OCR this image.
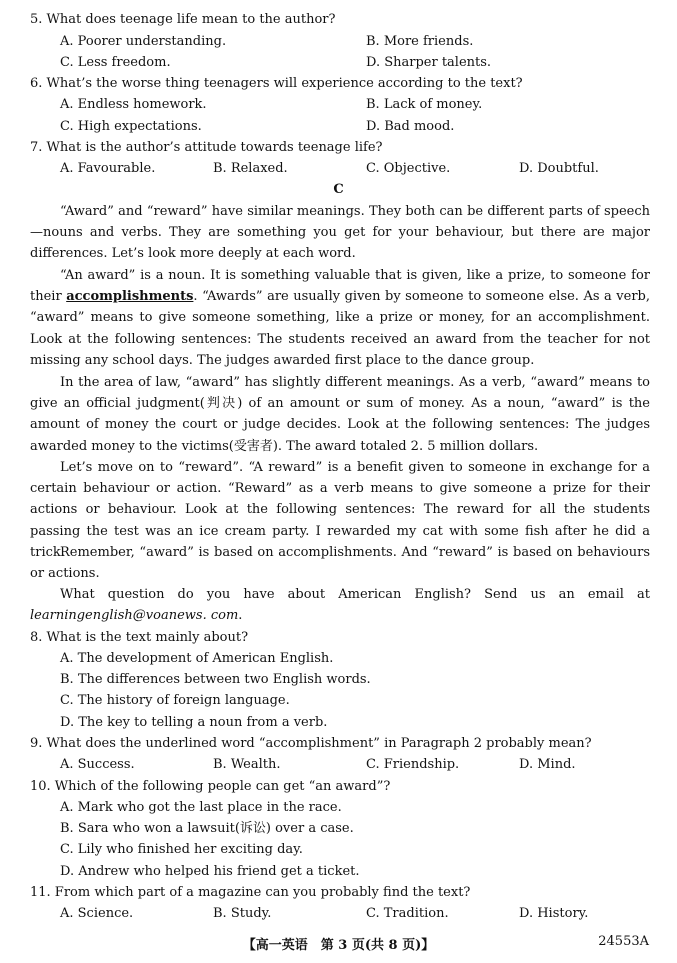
5. What does teenage life mean to the author?
A. Poorer understanding.	B. More friends.
C. Less freedom.	D. Sharper talents.
6. What’s the worse thing teenagers will experience according to the text?
A. Endless homework.	B. Lack of money.
C. High expectations.	D. Bad mood.
7. What is the author’s attitude towards teenage life?
A. Favourable.	B. Relaxed.	C. Objective.	D. Doubtful.
C
“Award” and “reward” have similar meanings. They both can be different parts of speech—nouns and verbs. They are something you get for your behaviour, but there are major differences. Let’s look more deeply at each word.
“An award” is a noun. It is something valuable that is given, like a prize, to someone for their accomplishments. “Awards” are usually given by someone to someone else. As a verb, “award” means to give someone something, like a prize or money, for an accomplishment. Look at the following sentences: The students received an award from the teacher for not missing any school days. The judges awarded first place to the dance group.
In the area of law, “award” has slightly different meanings. As a verb, “award” means to give an official judgment(判决) of an amount or sum of money. As a noun, “award” is the amount of money the court or judge decides. Look at the following sentences: The judges awarded money to the victims(受害者). The award totaled 2. 5 million dollars.
Let’s move on to “reward”. “A reward” is a benefit given to someone in exchange for a certain behaviour or action. “Reward” as a verb means to give someone a prize for their actions or behaviour. Look at the following sentences: The reward for all the students passing the test was an ice cream party. I rewarded my cat with some fish after he did a trick.
Remember, “award” is based on accomplishments. And “reward” is based on behaviours or actions.
What question do you have about American English? Send us an email at learningenglish@voanews. com.
8. What is the text mainly about?
A. The development of American English.
B. The differences between two English words.
C. The history of foreign language.
D. The key to telling a noun from a verb.
9. What does the underlined word “accomplishment” in Paragraph 2 probably mean?
A. Success.	B. Wealth.	C. Friendship.	D. Mind.
10. Which of the following people can get “an award”?
A. Mark who got the last place in the race.
B. Sara who won a lawsuit(诉讼) over a case.
C. Lily who finished her exciting day.
D. Andrew who helped his friend get a ticket.
11. From which part of a magazine can you probably find the text?
A. Science.	B. Study.	C. Tradition.	D. History.
【高一英语　第 3 页(共 8 页)】	24553A
